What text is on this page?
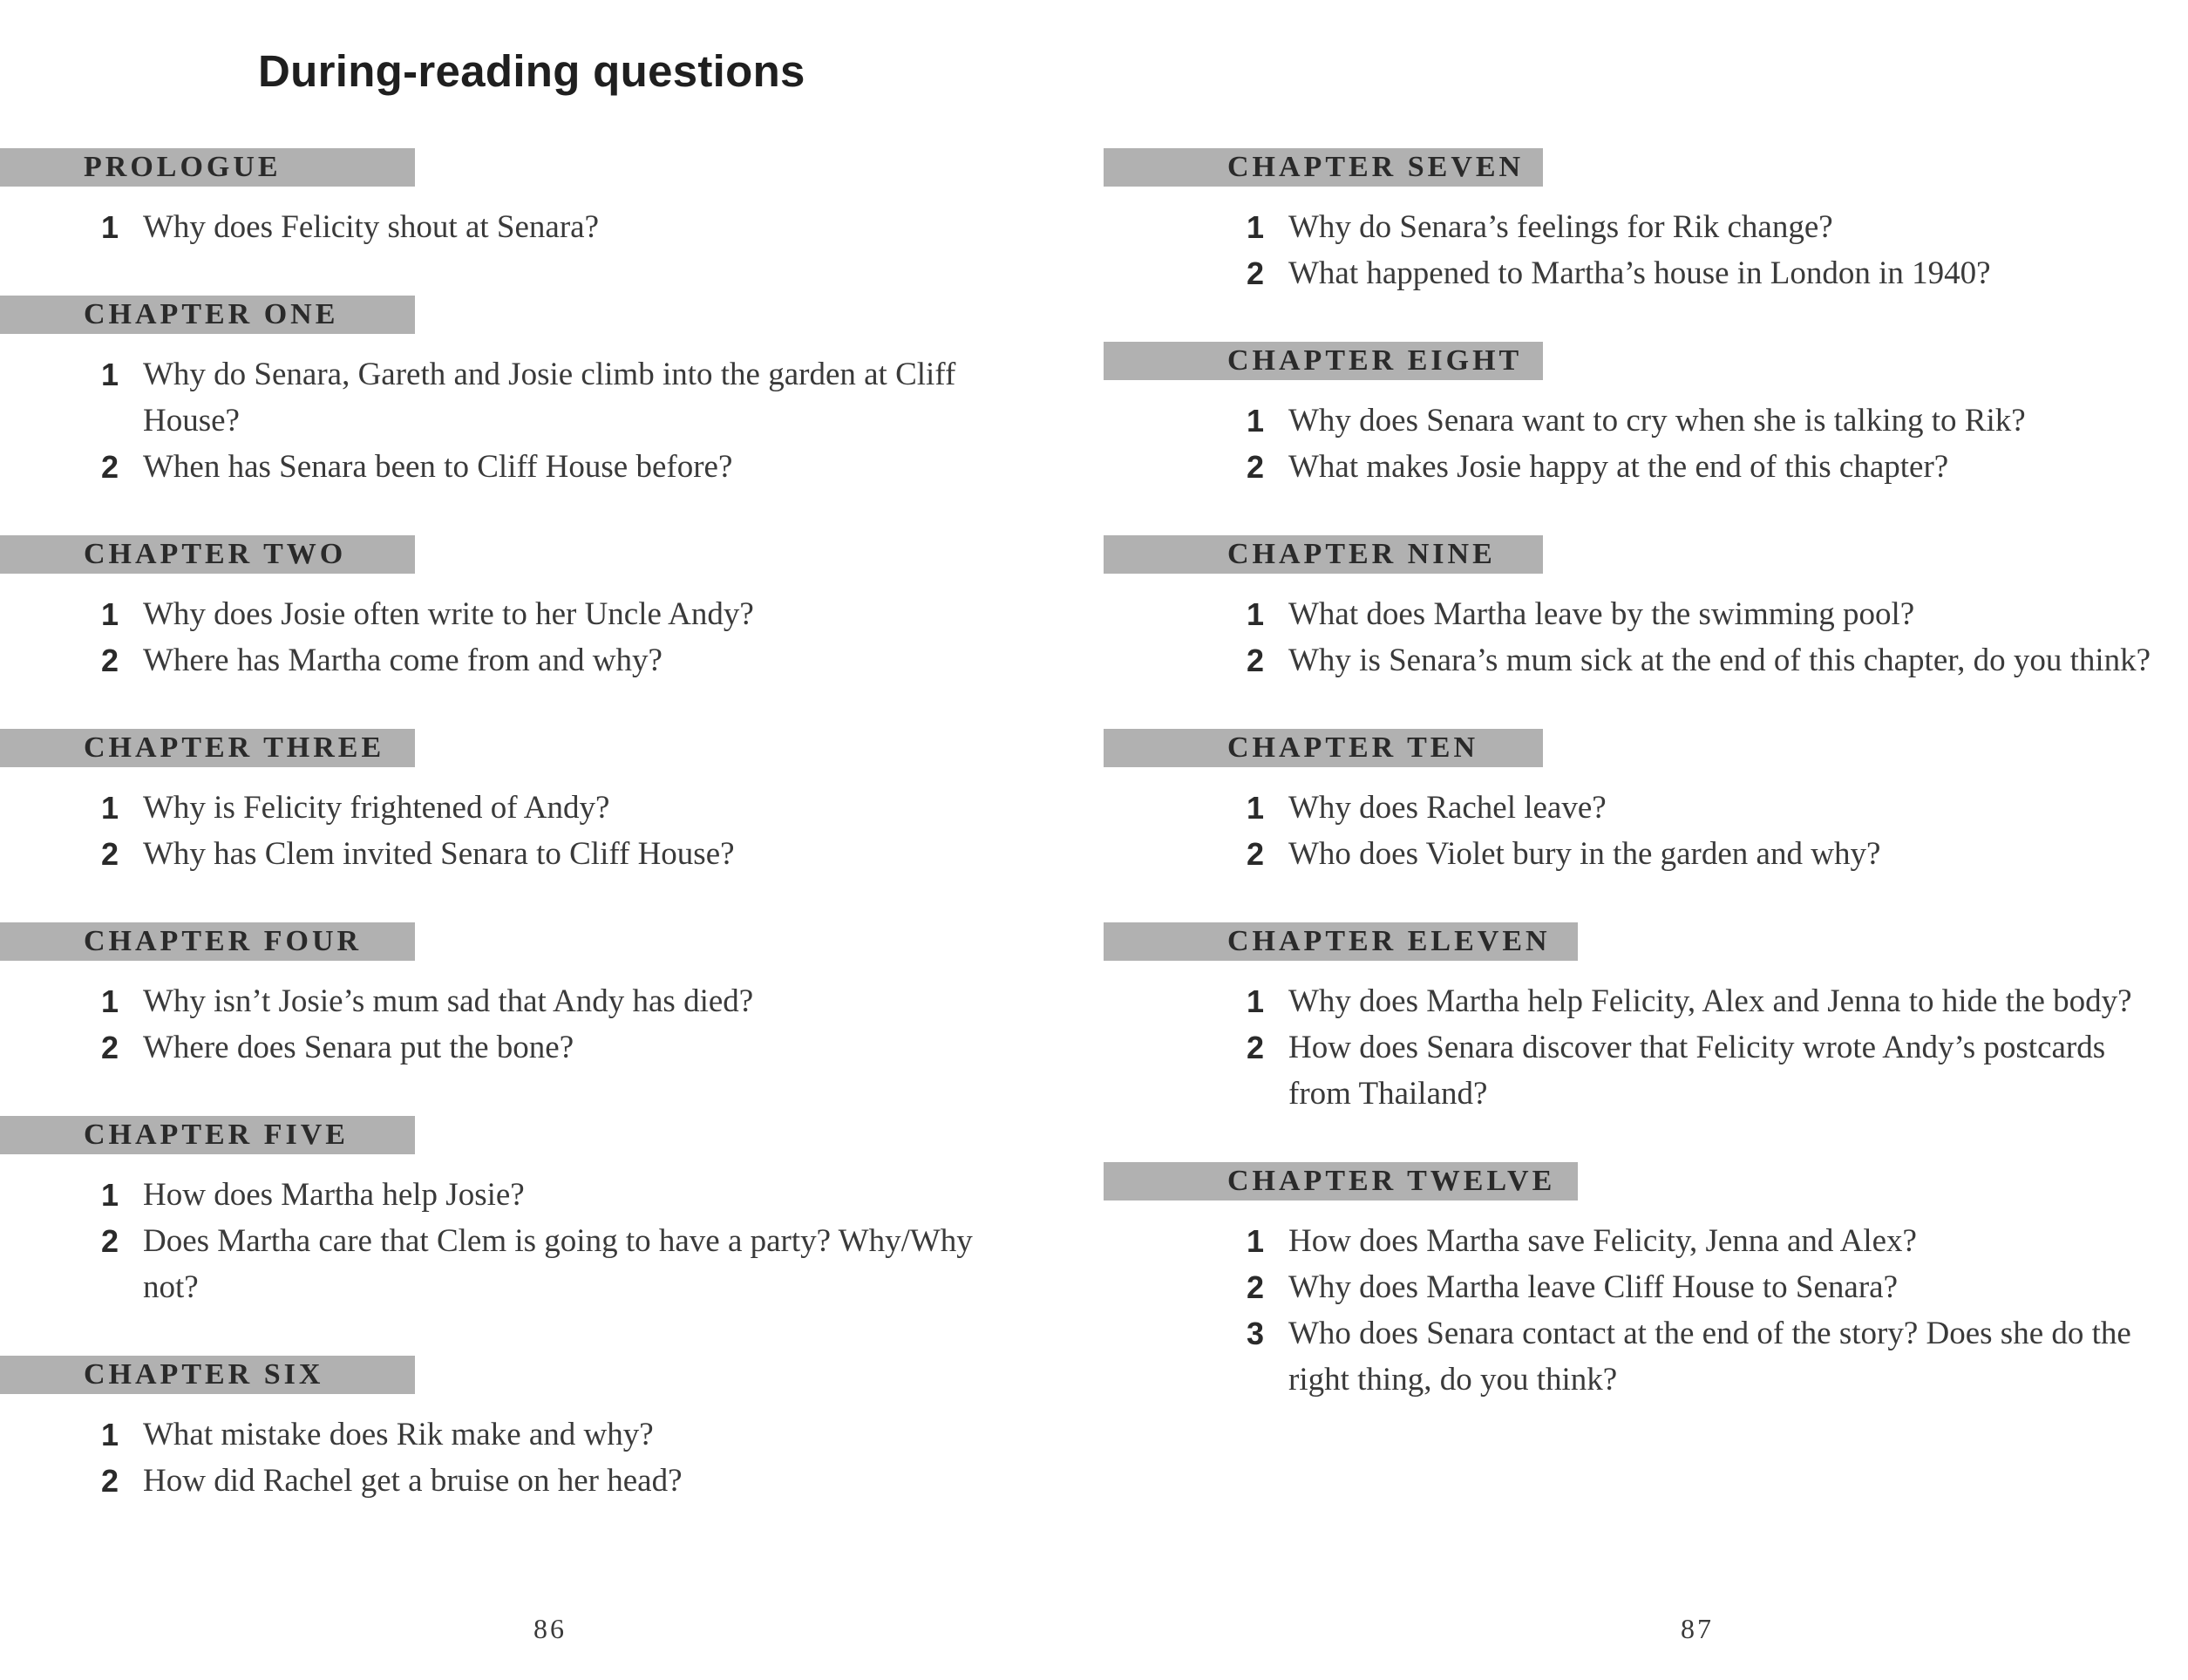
During-reading questions
PROLOGUE
1 Why does Felicity shout at Senara?
CHAPTER ONE
1 Why do Senara, Gareth and Josie climb into the garden at Cliff House?
2 When has Senara been to Cliff House before?
CHAPTER TWO
1 Why does Josie often write to her Uncle Andy?
2 Where has Martha come from and why?
CHAPTER THREE
1 Why is Felicity frightened of Andy?
2 Why has Clem invited Senara to Cliff House?
CHAPTER FOUR
1 Why isn’t Josie’s mum sad that Andy has died?
2 Where does Senara put the bone?
CHAPTER FIVE
1 How does Martha help Josie?
2 Does Martha care that Clem is going to have a party? Why/Why not?
CHAPTER SIX
1 What mistake does Rik make and why?
2 How did Rachel get a bruise on her head?
CHAPTER SEVEN
1 Why do Senara’s feelings for Rik change?
2 What happened to Martha’s house in London in 1940?
CHAPTER EIGHT
1 Why does Senara want to cry when she is talking to Rik?
2 What makes Josie happy at the end of this chapter?
CHAPTER NINE
1 What does Martha leave by the swimming pool?
2 Why is Senara’s mum sick at the end of this chapter, do you think?
CHAPTER TEN
1 Why does Rachel leave?
2 Who does Violet bury in the garden and why?
CHAPTER ELEVEN
1 Why does Martha help Felicity, Alex and Jenna to hide the body?
2 How does Senara discover that Felicity wrote Andy’s postcards from Thailand?
CHAPTER TWELVE
1 How does Martha save Felicity, Jenna and Alex?
2 Why does Martha leave Cliff House to Senara?
3 Who does Senara contact at the end of the story? Does she do the right thing, do you think?
86	87
